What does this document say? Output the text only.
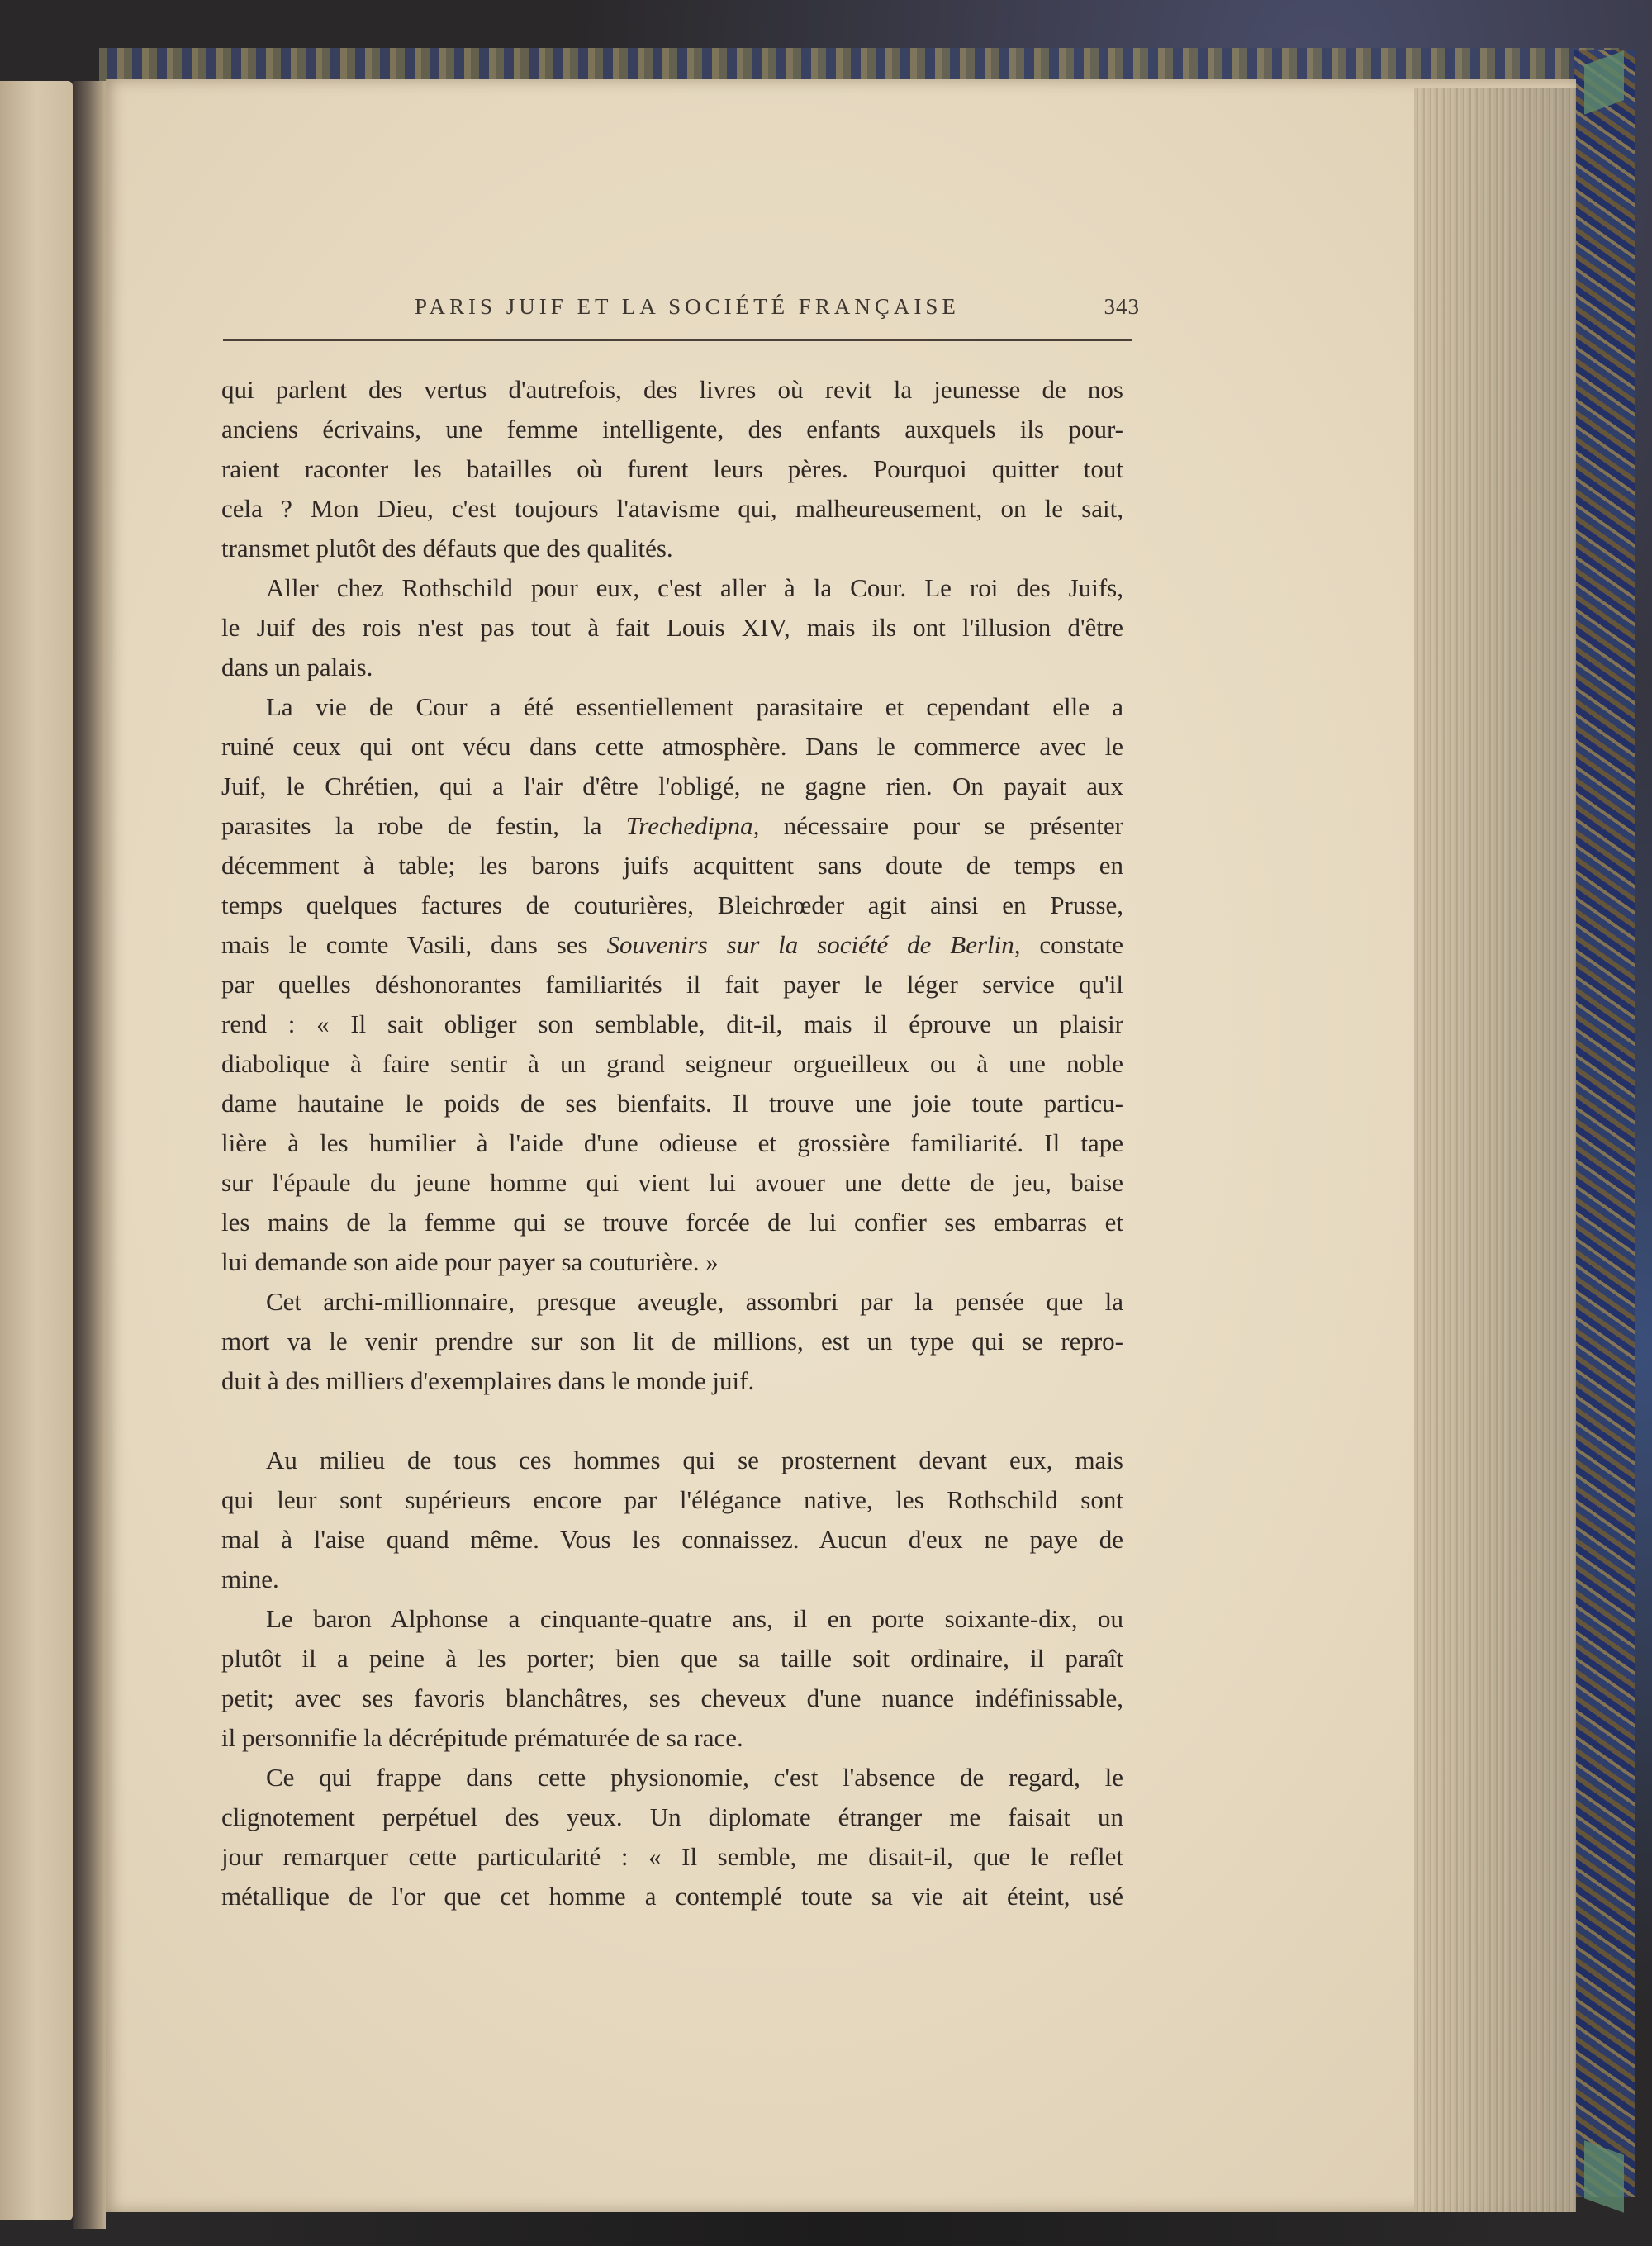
PARIS JUIF ET LA SOCIÉTÉ FRANÇAISE	343

qui parlent des vertus d'autrefois, des livres où revit la jeunesse de nos
anciens écrivains, une femme intelligente, des enfants auxquels ils pour-
raient raconter les batailles où furent leurs pères. Pourquoi quitter tout
cela ? Mon Dieu, c'est toujours l'atavisme qui, malheureusement, on le sait,
transmet plutôt des défauts que des qualités.

Aller chez Rothschild pour eux, c'est aller à la Cour. Le roi des Juifs,
le Juif des rois n'est pas tout à fait Louis XIV, mais ils ont l'illusion d'être
dans un palais.

La vie de Cour a été essentiellement parasitaire et cependant elle a
ruiné ceux qui ont vécu dans cette atmosphère. Dans le commerce avec le
Juif, le Chrétien, qui a l'air d'être l'obligé, ne gagne rien. On payait aux
parasites la robe de festin, la Trechedipna, nécessaire pour se présenter
décemment à table; les barons juifs acquittent sans doute de temps en
temps quelques factures de couturières, Bleichrœder agit ainsi en Prusse,
mais le comte Vasili, dans ses Souvenirs sur la société de Berlin, constate
par quelles déshonorantes familiarités il fait payer le léger service qu'il
rend : « Il sait obliger son semblable, dit-il, mais il éprouve un plaisir
diabolique à faire sentir à un grand seigneur orgueilleux ou à une noble
dame hautaine le poids de ses bienfaits. Il trouve une joie toute particu-
lière à les humilier à l'aide d'une odieuse et grossière familiarité. Il tape
sur l'épaule du jeune homme qui vient lui avouer une dette de jeu, baise
les mains de la femme qui se trouve forcée de lui confier ses embarras et
lui demande son aide pour payer sa couturière. »

Cet archi-millionnaire, presque aveugle, assombri par la pensée que la
mort va le venir prendre sur son lit de millions, est un type qui se repro-
duit à des milliers d'exemplaires dans le monde juif.

Au milieu de tous ces hommes qui se prosternent devant eux, mais
qui leur sont supérieurs encore par l'élégance native, les Rothschild sont
mal à l'aise quand même. Vous les connaissez. Aucun d'eux ne paye de
mine.

Le baron Alphonse a cinquante-quatre ans, il en porte soixante-dix, ou
plutôt il a peine à les porter; bien que sa taille soit ordinaire, il paraît
petit; avec ses favoris blanchâtres, ses cheveux d'une nuance indéfinissable,
il personnifie la décrépitude prématurée de sa race.

Ce qui frappe dans cette physionomie, c'est l'absence de regard, le
clignotement perpétuel des yeux. Un diplomate étranger me faisait un
jour remarquer cette particularité : « Il semble, me disait-il, que le reflet
métallique de l'or que cet homme a contemplé toute sa vie ait éteint, usé
